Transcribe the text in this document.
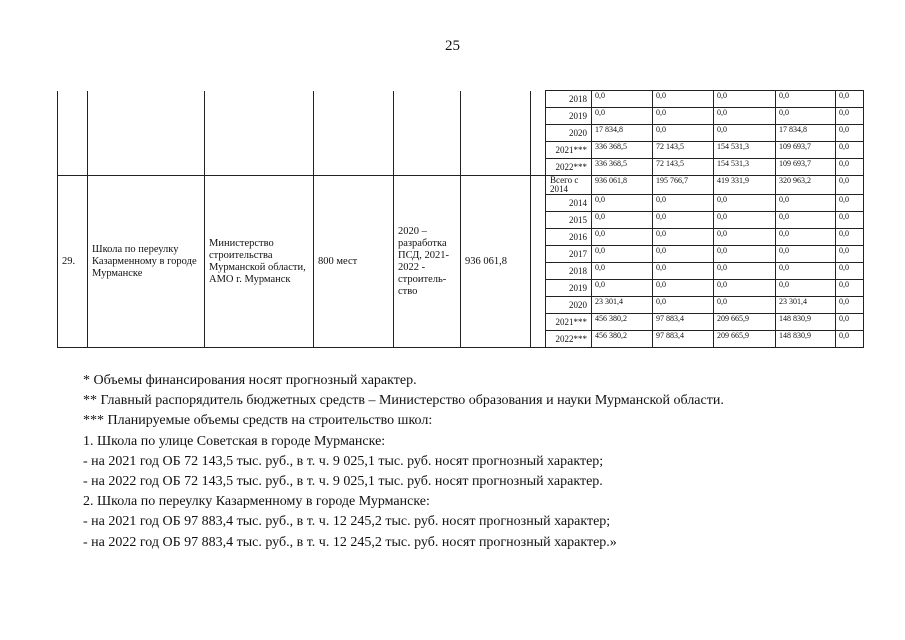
25
							2018	0,0	0,0	0,0	0,0	0,0
							2019	0,0	0,0	0,0	0,0	0,0
							2020	17 834,8	0,0	0,0	17 834,8	0,0
							2021***	336 368,5	72 143,5	154 531,3	109 693,7	0,0
							2022***	336 368,5	72 143,5	154 531,3	109 693,7	0,0
29.	Школа по переулку Казарменному в городе Мурманске	Министерство строительства Мурманской области, АМО г. Мурманск	800 мест	2020 – разработка ПСД, 2021-2022 - строитель-ство	936 061,8		Всего с 2014	936 061,8	195 766,7	419 331,9	320 963,2	0,0
							2014	0,0	0,0	0,0	0,0	0,0
							2015	0,0	0,0	0,0	0,0	0,0
							2016	0,0	0,0	0,0	0,0	0,0
							2017	0,0	0,0	0,0	0,0	0,0
							2018	0,0	0,0	0,0	0,0	0,0
							2019	0,0	0,0	0,0	0,0	0,0
							2020	23 301,4	0,0	0,0	23 301,4	0,0
							2021***	456 380,2	97 883,4	209 665,9	148 830,9	0,0
							2022***	456 380,2	97 883,4	209 665,9	148 830,9	0,0
* Объемы финансирования носят прогнозный характер.
** Главный распорядитель бюджетных средств – Министерство образования и науки Мурманской области.
*** Планируемые объемы средств на строительство школ:
1. Школа по улице Советская в городе Мурманске:
- на 2021 год ОБ 72 143,5 тыс. руб., в т. ч. 9 025,1 тыс. руб. носят прогнозный характер;
- на 2022 год ОБ 72 143,5 тыс. руб., в т. ч. 9 025,1 тыс. руб. носят прогнозный характер.
2. Школа по переулку Казарменному в городе Мурманске:
- на 2021 год ОБ 97 883,4 тыс. руб., в т. ч. 12 245,2 тыс. руб. носят прогнозный характер;
- на 2022 год ОБ 97 883,4 тыс. руб., в т. ч. 12 245,2 тыс. руб. носят прогнозный характер.»
